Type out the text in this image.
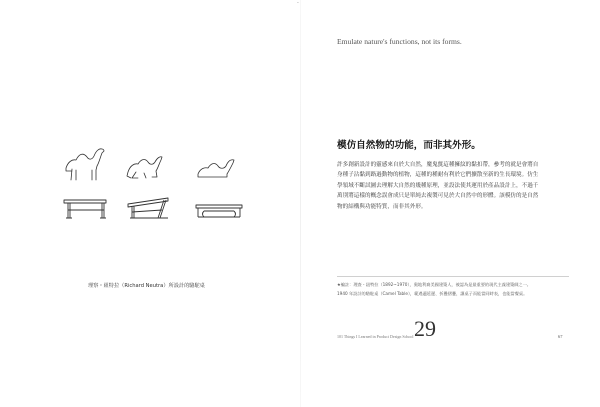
·
理察・紐特拉（Richard Neutra）所設計的駱駝桌
Emulate nature's functions, not its forms.
模仿自然物的功能，而非其外形。
許多創新設計的靈感來自於大自然，魔鬼氈這種擁紋的黏扣帶，參考的就是會將自
身種子沾黏到路過動物的植物，這種的種耐有利於它們擴散至新的生長環境。仿生
學領域不斷試圖去理解大自然的幾種原理，並設法使其運用於產品設計上，不過千
萬別將這樣的概念誤會成只是單純去複製可見於大自然中的形體。該模仿的是自然
物的結構與功能特質，而非其外形。
★編註：理查・紐特拉（1892~1970），奧地利裔美國建築人，被認為是最重要的現代主義建築師之一。
1940 年設計的駱駝桌（Camel Table），範遇適延遲、折疊摺疊，讓桌子而能當同時表，也能當餐桌。
101 Things I Learned in Product Design School 29	67
